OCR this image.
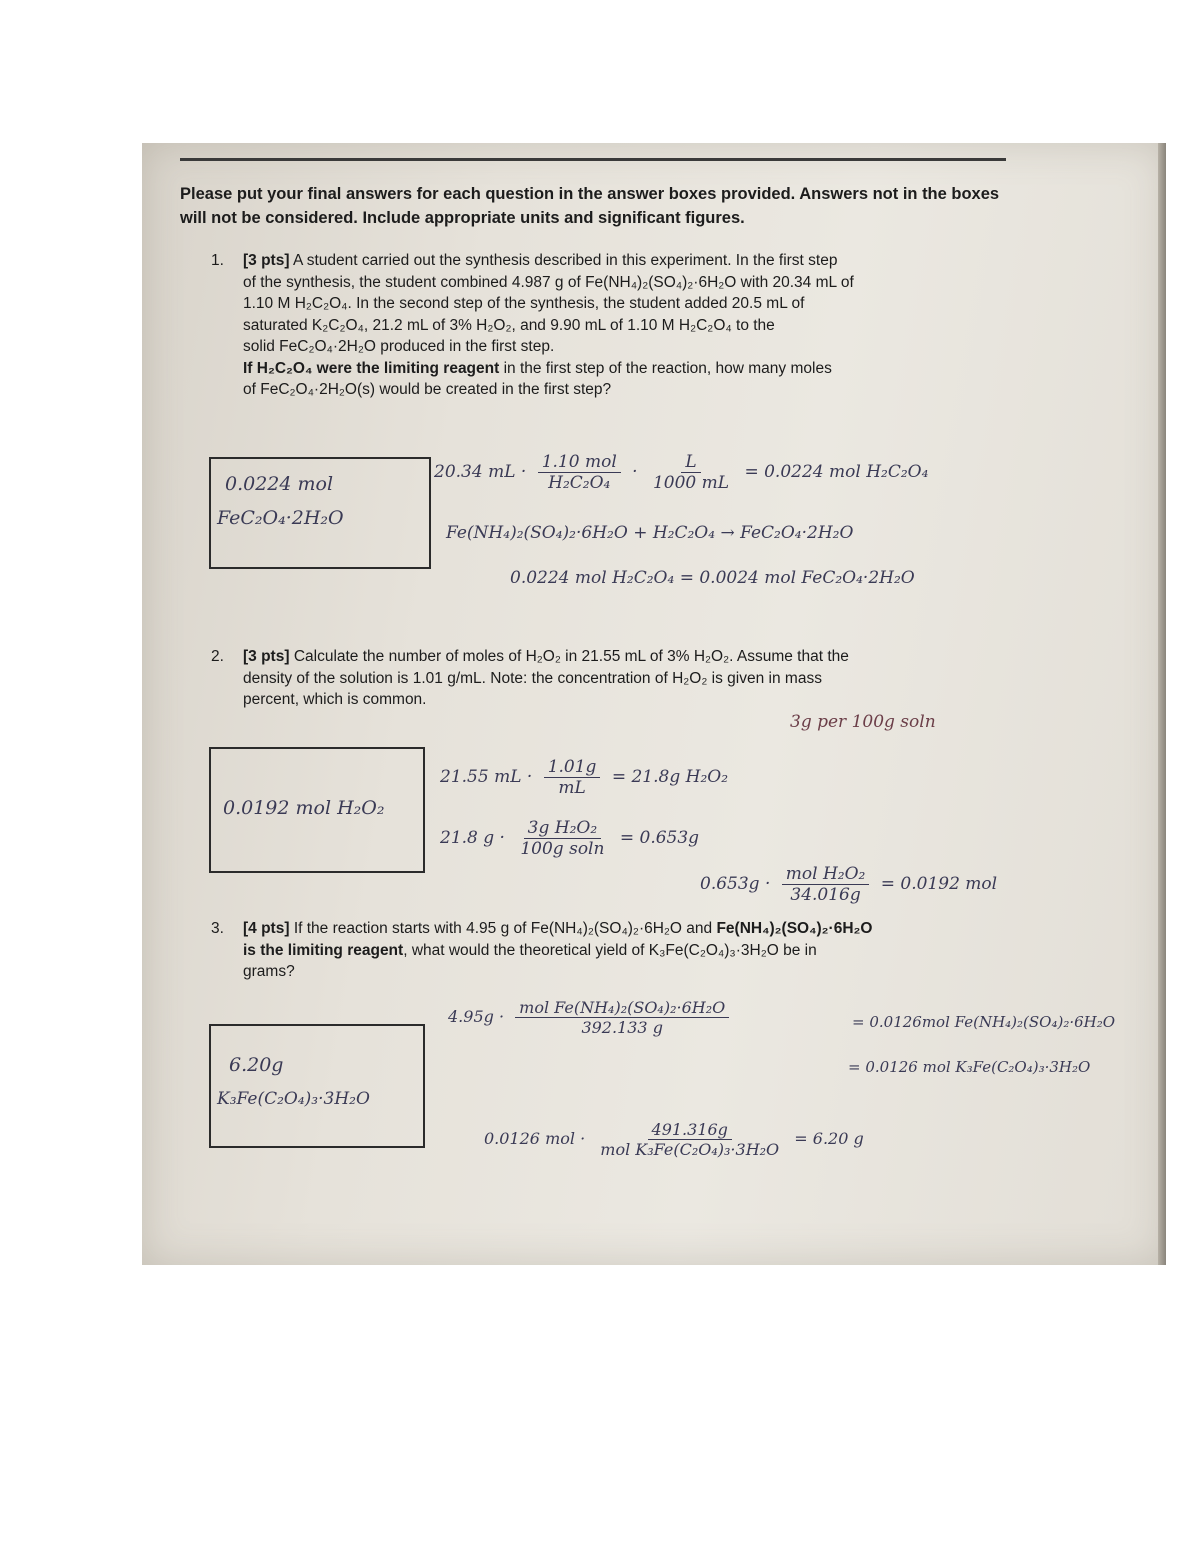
Please put your final answers for each question in the answer boxes provided. Answers not in the boxes will not be considered. Include appropriate units and significant figures.
1. [3 pts] A student carried out the synthesis described in this experiment. In the first step
of the synthesis, the student combined 4.987 g of Fe(NH₄)₂(SO₄)₂·6H₂O with 20.34 mL of
1.10 M H₂C₂O₄. In the second step of the synthesis, the student added 20.5 mL of
saturated K₂C₂O₄, 21.2 mL of 3% H₂O₂, and 9.90 mL of 1.10 M H₂C₂O₄ to the
solid FeC₂O₄·2H₂O produced in the first step.
If H₂C₂O₄ were the limiting reagent in the first step of the reaction, how many moles
of FeC₂O₄·2H₂O(s) would be created in the first step?
0.0224 mol
FeC₂O₄·2H₂O
20.34 mL · $\frac{\text{1.10 mol}}{\text{H₂C₂O₄}} \cdot \frac{L}{1000 mL} = 0.0224$ mol H₂C₂O₄
Fe(NH₄)₂(SO₄)₂·6H₂O + H₂C₂O₄ → FeC₂O₄·2H₂O
0.0224 mol H₂C₂O₄ = 0.0024 mol FeC₂O₄·2H₂O
2. [3 pts] Calculate the number of moles of H₂O₂ in 21.55 mL of 3% H₂O₂. Assume that the
density of the solution is 1.01 g/mL. Note: the concentration of H₂O₂ is given in mass
percent, which is common.
3g per 100g soln
0.0192 mol H₂O₂
21.55 mL · $\frac{1.01g}{mL} = 21.8g$ H₂O₂
21.8 $g \cdot \frac{\text{3g H₂O₂}}{\text{100g soln}} = 0.653g$
$0.653g \cdot \frac{\text{mol H₂O₂}}{34.016g} = 0.0192$ mol
3. [4 pts] If the reaction starts with 4.95 g of Fe(NH₄)₂(SO₄)₂·6H₂O and Fe(NH₄)₂(SO₄)₂·6H₂O
is the limiting reagent, what would the theoretical yield of K₃Fe(C₂O₄)₃·3H₂O be in
grams?
6.20g
K₃Fe(C₂O₄)₃·3H₂O
$4.95g \cdot \frac{\text{mol Fe(NH₄)₂(SO₄)₂·6H₂O}}{392.133 g}$	= 0.0126mol Fe(NH₄)₂(SO₄)₂·6H₂O
= 0.0126 mol K₃Fe(C₂O₄)₃·3H₂O
0.0126 mol · $\frac{491.316g}{\text{mol K₃Fe(C₂O₄)₃·3H₂O}} = 6.20$ g
